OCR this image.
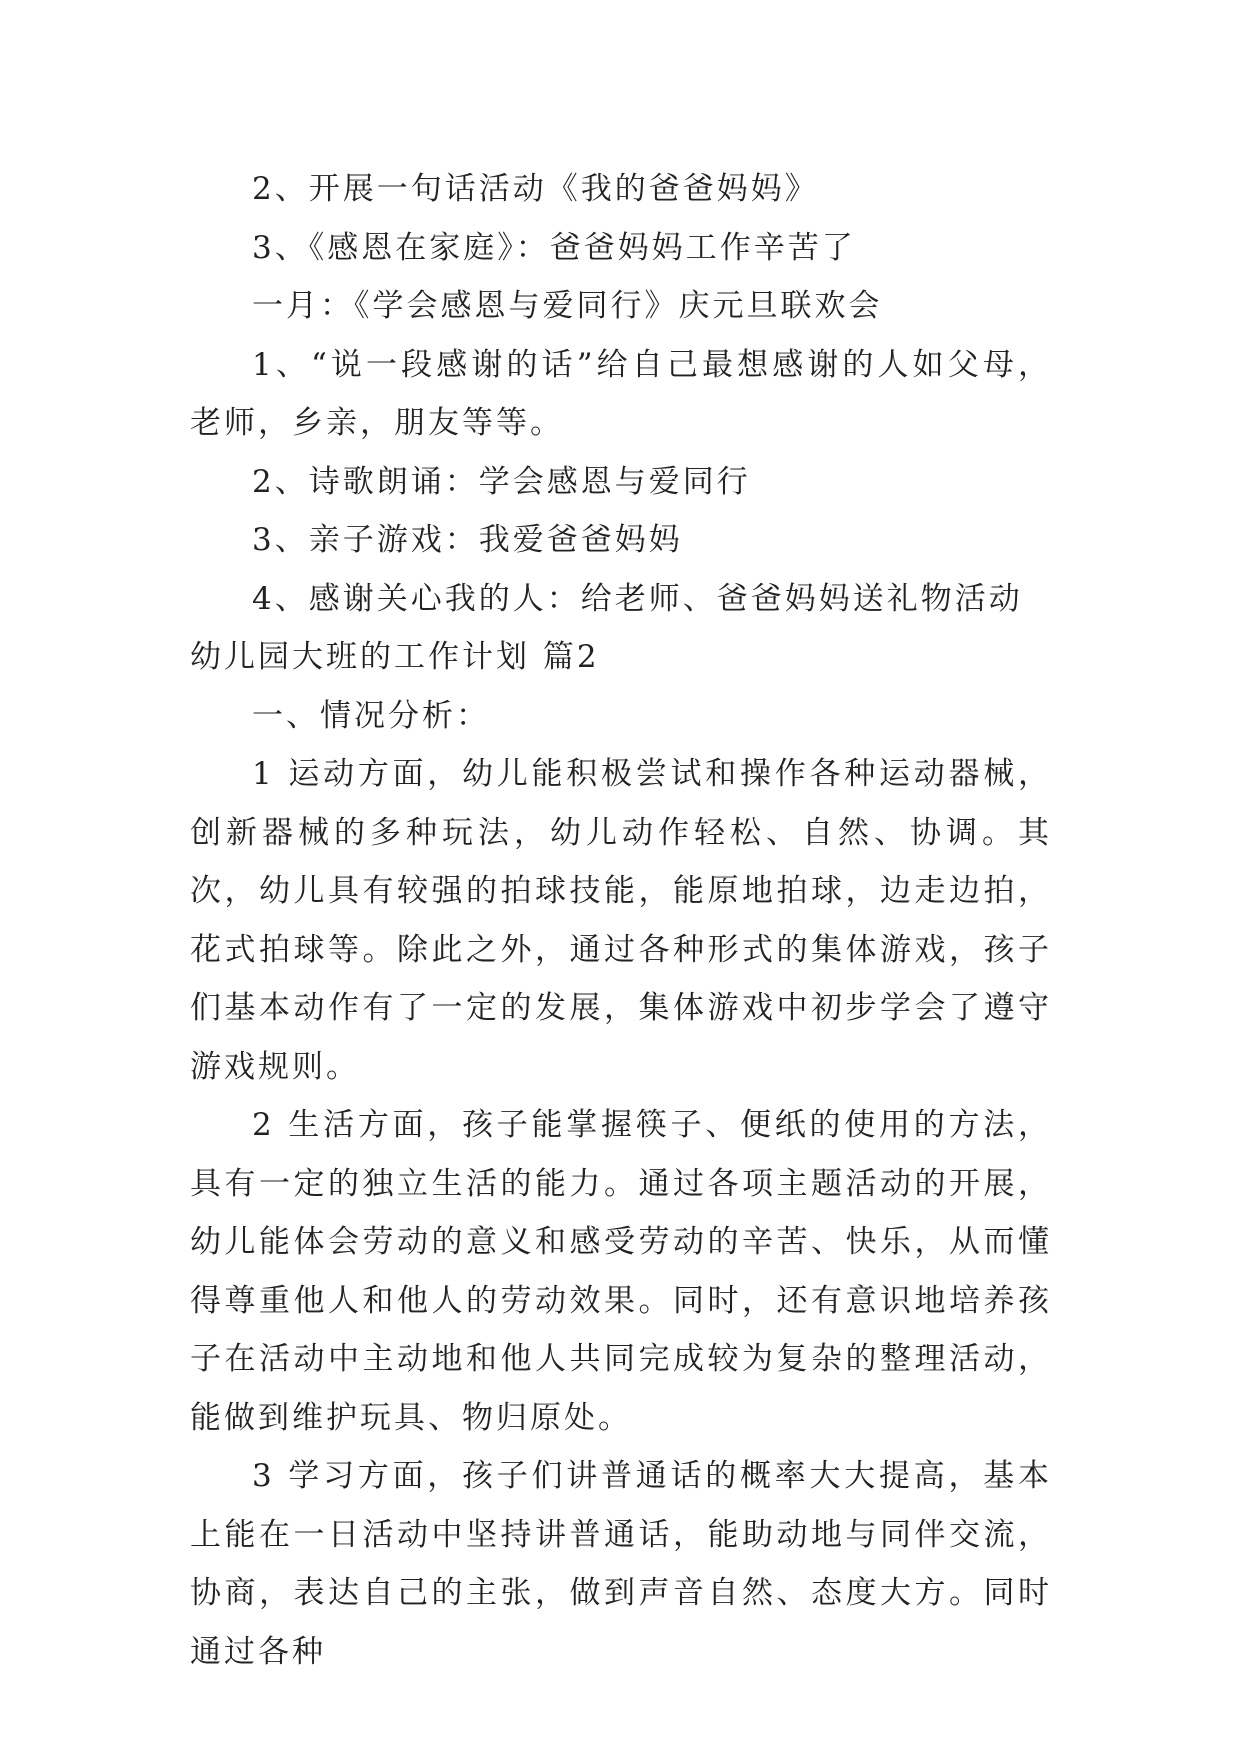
2、开展一句话活动《我的爸爸妈妈》

3、《感恩在家庭》：爸爸妈妈工作辛苦了

一月：《学会感恩与爱同行》庆元旦联欢会

1、“说一段感谢的话”给自己最想感谢的人如父母，老师，乡亲，朋友等等。

2、诗歌朗诵：学会感恩与爱同行

3、亲子游戏：我爱爸爸妈妈

4、感谢关心我的人：给老师、爸爸妈妈送礼物活动

幼儿园大班的工作计划 篇2

一、情况分析：

1 运动方面，幼儿能积极尝试和操作各种运动器械，创新器械的多种玩法，幼儿动作轻松、自然、协调。其次，幼儿具有较强的拍球技能，能原地拍球，边走边拍，花式拍球等。除此之外，通过各种形式的集体游戏，孩子们基本动作有了一定的发展，集体游戏中初步学会了遵守游戏规则。

2 生活方面，孩子能掌握筷子、便纸的使用的方法，具有一定的独立生活的能力。通过各项主题活动的开展，幼儿能体会劳动的意义和感受劳动的辛苦、快乐，从而懂得尊重他人和他人的劳动效果。同时，还有意识地培养孩子在活动中主动地和他人共同完成较为复杂的整理活动，能做到维护玩具、物归原处。

3 学习方面，孩子们讲普通话的概率大大提高，基本上能在一日活动中坚持讲普通话，能助动地与同伴交流，协商，表达自己的主张，做到声音自然、态度大方。同时通过各种
